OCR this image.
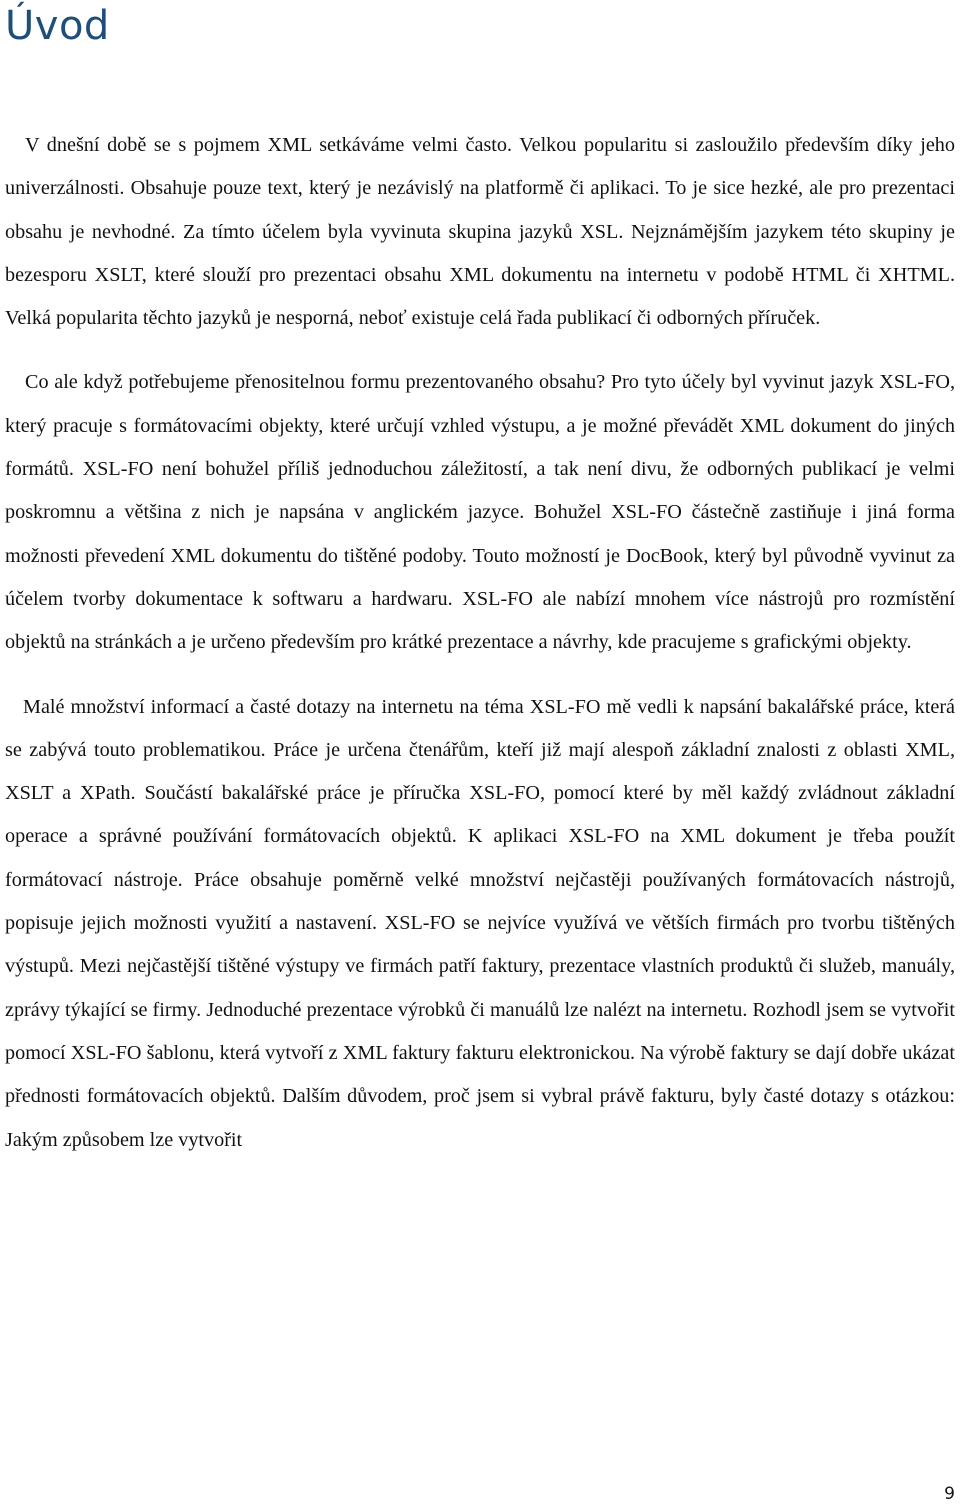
Úvod

V dnešní době se s pojmem XML setkáváme velmi často. Velkou popularitu si zasloužilo především díky jeho univerzálnosti. Obsahuje pouze text, který je nezávislý na platformě či aplikaci. To je sice hezké, ale pro prezentaci obsahu je nevhodné. Za tímto účelem byla vyvinuta skupina jazyků XSL. Nejznámějším jazykem této skupiny je bezesporu XSLT, které slouží pro prezentaci obsahu XML dokumentu na internetu v podobě HTML či XHTML. Velká popularita těchto jazyků je nesporná, neboť existuje celá řada publikací či odborných příruček.

Co ale když potřebujeme přenositelnou formu prezentovaného obsahu? Pro tyto účely byl vyvinut jazyk XSL-FO, který pracuje s formátovacími objekty, které určují vzhled výstupu, a je možné převádět XML dokument do jiných formátů. XSL-FO není bohužel příliš jednoduchou záležitostí, a tak není divu, že odborných publikací je velmi poskromnu a většina z nich je napsána v anglickém jazyce. Bohužel XSL-FO částečně zastiňuje i jiná forma možnosti převedení XML dokumentu do tištěné podoby. Touto možností je DocBook, který byl původně vyvinut za účelem tvorby dokumentace k softwaru a hardwaru. XSL-FO ale nabízí mnohem více nástrojů pro rozmístění objektů na stránkách a je určeno především pro krátké prezentace a návrhy, kde pracujeme s grafickými objekty.

Malé množství informací a časté dotazy na internetu na téma XSL-FO mě vedli k napsání bakalářské práce, která se zabývá touto problematikou. Práce je určena čtenářům, kteří již mají alespoň základní znalosti z oblasti XML, XSLT a XPath. Součástí bakalářské práce je příručka XSL-FO, pomocí které by měl každý zvládnout základní operace a správné používání formátovacích objektů. K aplikaci XSL-FO na XML dokument je třeba použít formátovací nástroje. Práce obsahuje poměrně velké množství nejčastěji používaných formátovacích nástrojů, popisuje jejich možnosti využití a nastavení. XSL-FO se nejvíce využívá ve větších firmách pro tvorbu tištěných výstupů. Mezi nejčastější tištěné výstupy ve firmách patří faktury, prezentace vlastních produktů či služeb, manuály, zprávy týkající se firmy. Jednoduché prezentace výrobků či manuálů lze nalézt na internetu. Rozhodl jsem se vytvořit pomocí XSL-FO šablonu, která vytvoří z XML faktury fakturu elektronickou. Na výrobě faktury se dají dobře ukázat přednosti formátovacích objektů. Dalším důvodem, proč jsem si vybral právě fakturu, byly časté dotazy s otázkou: Jakým způsobem lze vytvořit

9
